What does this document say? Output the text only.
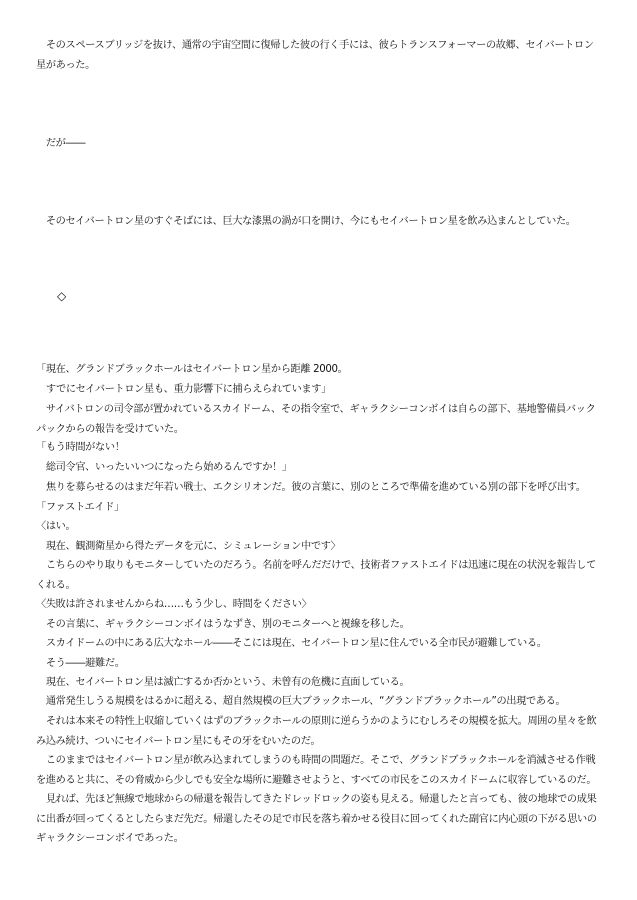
　そのスペースブリッジを抜け、通常の宇宙空間に復帰した彼の行く手には、彼らトランスフォーマーの故郷、セイバートロン星があった。

　だが――

　そのセイバートロン星のすぐそばには、巨大な漆黒の渦が口を開け、今にもセイバートロン星を飲み込まんとしていた。

◇

「現在、グランドブラックホールはセイバートロン星から距離 2000。

　すでにセイバートロン星も、重力影響下に捕らえられています」

　サイバトロンの司令部が置かれているスカイドーム、その指令室で、ギャラクシーコンボイは自らの部下、基地警備員バックパックからの報告を受けていた。

「もう時間がない！

　総司令官、いったいいつになったら始めるんですか！」

　焦りを募らせるのはまだ年若い戦士、エクシリオンだ。彼の言葉に、別のところで準備を進めている別の部下を呼び出す。

「ファストエイド」

〈はい。

　現在、観測衛星から得たデータを元に、シミュレーション中です〉

　こちらのやり取りもモニターしていたのだろう。名前を呼んだだけで、技術者ファストエイドは迅速に現在の状況を報告してくれる。

〈失敗は許されませんからね……もう少し、時間をください〉

　その言葉に、ギャラクシーコンボイはうなずき、別のモニターへと視線を移した。

　スカイドームの中にある広大なホール――そこには現在、セイバートロン星に住んでいる全市民が避難している。

　そう――避難だ。

　現在、セイバートロン星は滅亡するか否かという、未曾有の危機に直面している。

　通常発生しうる規模をはるかに超える、超自然規模の巨大ブラックホール、“グランドブラックホール”の出現である。

　それは本来その特性上収縮していくはずのブラックホールの原則に逆らうかのようにむしろその規模を拡大。周囲の星々を飲み込み続け、ついにセイバートロン星にもその牙をむいたのだ。

　このままではセイバートロン星が飲み込まれてしまうのも時間の問題だ。そこで、グランドブラックホールを消滅させる作戦を進めると共に、その脅威から少しでも安全な場所に避難させようと、すべての市民をこのスカイドームに収容しているのだ。

　見れば、先ほど無線で地球からの帰還を報告してきたドレッドロックの姿も見える。帰還したと言っても、彼の地球での成果に出番が回ってくるとしたらまだ先だ。帰還したその足で市民を落ち着かせる役目に回ってくれた副官に内心頭の下がる思いのギャラクシーコンボイであった。
